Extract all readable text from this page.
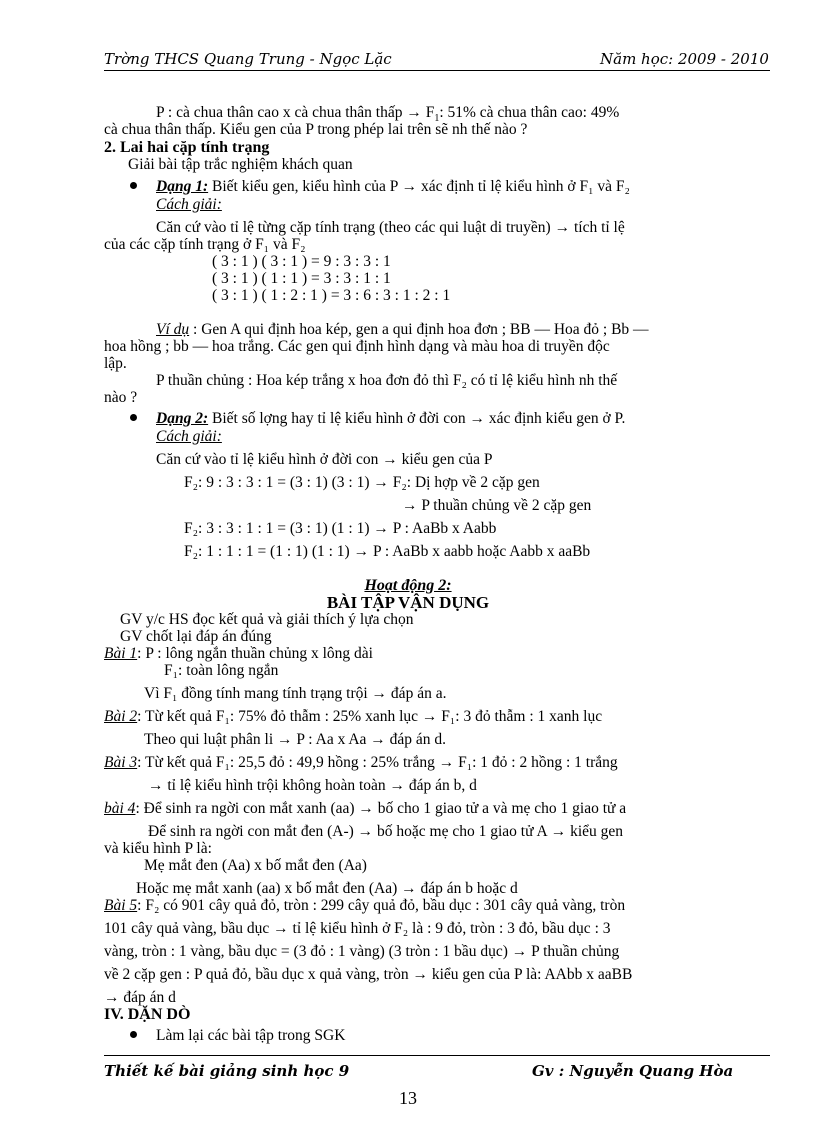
Trờng THCS Quang Trung - Ngọc Lặc	Năm học: 2009 - 2010
P : cà chua thân cao x cà chua thân thấp → $F_1$: 51% cà chua thân cao: 49%
cà chua thân thấp. Kiểu gen của P trong phép lai trên sẽ nh thế nào ?
2. Lai hai cặp tính trạng
Giải bài tập trắc nghiệm khách quan
Dạng 1: Biết kiểu gen, kiểu hình của P → xác định tỉ lệ kiểu hình ở F₁ và F₂
Cách giải:
Căn cứ vào tỉ lệ từng cặp tính trạng (theo các qui luật di truyền) → tích tỉ lệ
của các cặp tính trạng ở F₁ và F₂
( 3 : 1 ) ( 3 : 1 ) = 9 : 3 : 3 : 1
( 3 : 1 ) ( 1 : 1 ) = 3 : 3 : 1 : 1
( 3 : 1 ) ( 1 : 2 : 1 ) = 3 : 6 : 3 : 1 : 2 : 1
Ví dụ : Gen A qui định hoa kép, gen a qui định hoa đơn ; BB — Hoa đỏ ; Bb —
hoa hồng ; bb — hoa trắng. Các gen qui định hình dạng và màu hoa di truyền độc
lập.
P thuần chủng : Hoa kép trắng x hoa đơn đỏ thì F₂ có tỉ lệ kiểu hình nh thế
nào ?
Dạng 2: Biết số lợng hay tỉ lệ kiểu hình ở đời con → xác định kiểu gen ở P.
Cách giải:
Căn cứ vào tỉ lệ kiểu hình ở đời con → kiểu gen của P
F₂: 9 : 3 : 3 : 1 = (3 : 1) (3 : 1) → F₂: Dị hợp về 2 cặp gen
→ P thuần chủng về 2 cặp gen
F₂: 3 : 3 : 1 : 1 = (3 : 1) (1 : 1) → P : AaBb x Aabb
F₂: 1 : 1 : 1 = (1 : 1) (1 : 1) → P : AaBb x aabb hoặc Aabb x aaBb
Hoạt động 2:
BÀI TẬP VẬN DỤNG
GV y/c HS đọc kết quả và giải thích ý lựa chọn
GV chốt lại đáp án đúng
Bài 1: P : lông ngắn thuần chủng x lông dài
F₁: toàn lông ngắn
Vì F₁ đồng tính mang tính trạng trội → đáp án a.
Bài 2: Từ kết quả F₁: 75% đỏ thẫm : 25% xanh lục → F₁: 3 đỏ thẫm : 1 xanh lục
Theo qui luật phân li → P : Aa x Aa → đáp án d.
Bài 3: Từ kết quả F₁: 25,5 đỏ : 49,9 hồng : 25% trắng → F₁: 1 đỏ : 2 hồng : 1 trắng
→ tỉ lệ kiểu hình trội không hoàn toàn → đáp án b, d
bài 4: Để sinh ra ngời con mắt xanh (aa) → bố cho 1 giao tử a và mẹ cho 1 giao tử a
Để sinh ra ngời con mắt đen (A-) → bố hoặc mẹ cho 1 giao tử A → kiểu gen
và kiểu hình P là:
Mẹ mắt đen (Aa) x bố mắt đen (Aa)
Hoặc mẹ mắt xanh (aa) x bố mắt đen (Aa) → đáp án b hoặc d
Bài 5: F₂ có 901 cây quả đỏ, tròn : 299 cây quả đỏ, bầu dục : 301 cây quả vàng, tròn
101 cây quả vàng, bầu dục → tỉ lệ kiểu hình ở F₂ là : 9 đỏ, tròn : 3 đỏ, bầu dục : 3
vàng, tròn : 1 vàng, bầu dục = (3 đỏ : 1 vàng) (3 tròn : 1 bầu dục) → P thuần chủng
về 2 cặp gen : P quả đỏ, bầu dục x quả vàng, tròn → kiểu gen của P là: AAbb x aaBB
→ đáp án d
IV. DẶN DÒ
Làm lại các bài tập trong SGK
Thiết kế bài giảng sinh học 9	Gv : Nguyễn Quang Hòa
13
